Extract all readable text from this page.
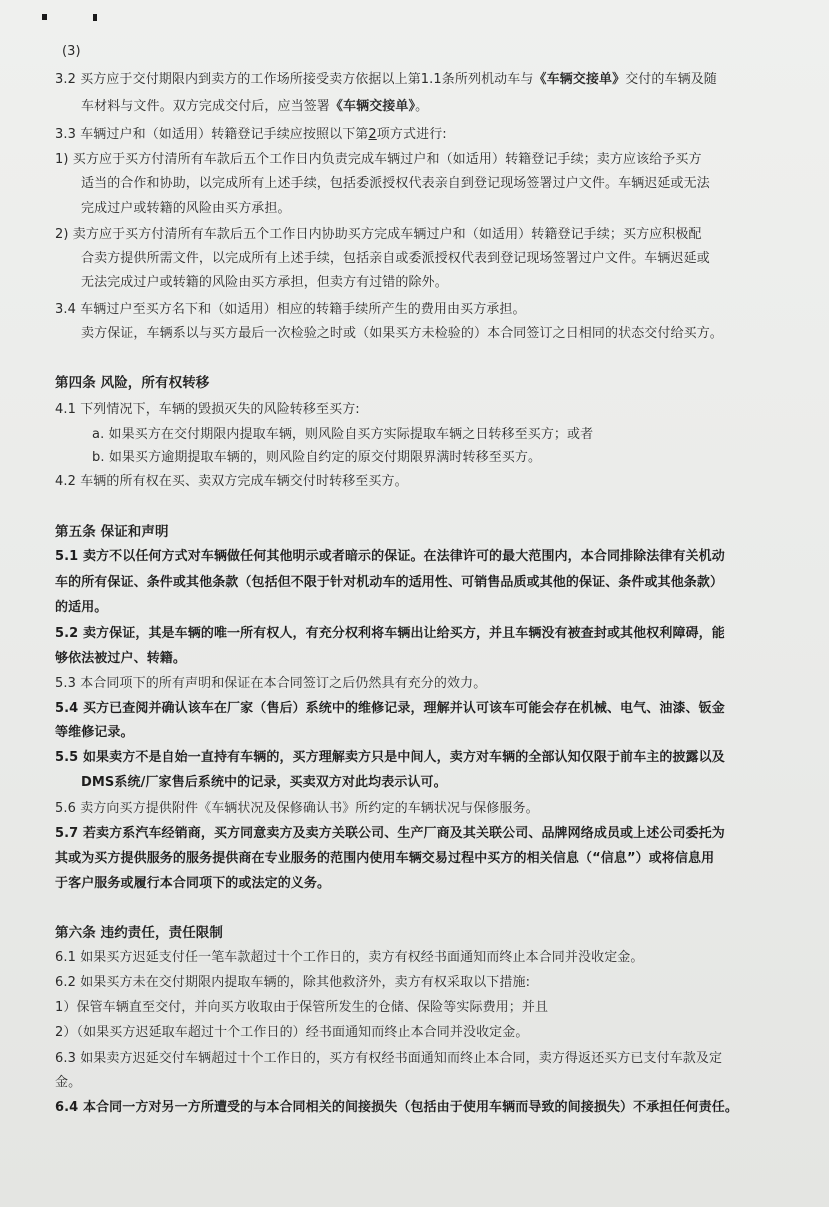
(3)
3.2 买方应于交付期限内到卖方的工作场所接受卖方依据以上第1.1条所列机动车与《车辆交接单》交付的车辆及随
车材料与文件。双方完成交付后，应当签署《车辆交接单》。
3.3 车辆过户和（如适用）转籍登记手续应按照以下第2项方式进行:
1) 买方应于买方付清所有车款后五个工作日内负责完成车辆过户和（如适用）转籍登记手续；卖方应该给予买方
适当的合作和协助，以完成所有上述手续，包括委派授权代表亲自到登记现场签署过户文件。车辆迟延或无法
完成过户或转籍的风险由买方承担。
2) 卖方应于买方付清所有车款后五个工作日内协助买方完成车辆过户和（如适用）转籍登记手续；买方应积极配
合卖方提供所需文件，以完成所有上述手续，包括亲自或委派授权代表到登记现场签署过户文件。车辆迟延或
无法完成过户或转籍的风险由买方承担，但卖方有过错的除外。
3.4 车辆过户至买方名下和（如适用）相应的转籍手续所产生的费用由买方承担。
卖方保证，车辆系以与买方最后一次检验之时或（如果买方未检验的）本合同签订之日相同的状态交付给买方。
第四条 风险，所有权转移
4.1 下列情况下，车辆的毁损灭失的风险转移至买方:
a. 如果买方在交付期限内提取车辆，则风险自买方实际提取车辆之日转移至买方；或者
b. 如果买方逾期提取车辆的，则风险自约定的原交付期限界满时转移至买方。
4.2 车辆的所有权在买、卖双方完成车辆交付时转移至买方。
第五条 保证和声明
5.1 卖方不以任何方式对车辆做任何其他明示或者暗示的保证。在法律许可的最大范围内，本合同排除法律有关机动
车的所有保证、条件或其他条款（包括但不限于针对机动车的适用性、可销售品质或其他的保证、条件或其他条款）
的适用。
5.2 卖方保证，其是车辆的唯一所有权人，有充分权利将车辆出让给买方，并且车辆没有被查封或其他权利障碍，能
够依法被过户、转籍。
5.3 本合同项下的所有声明和保证在本合同签订之后仍然具有充分的效力。
5.4 买方已查阅并确认该车在厂家（售后）系统中的维修记录，理解并认可该车可能会存在机械、电气、油漆、钣金
等维修记录。
5.5 如果卖方不是自始一直持有车辆的，买方理解卖方只是中间人，卖方对车辆的全部认知仅限于前车主的披露以及
DMS系统/厂家售后系统中的记录，买卖双方对此均表示认可。
5.6 卖方向买方提供附件《车辆状况及保修确认书》所约定的车辆状况与保修服务。
5.7 若卖方系汽车经销商，买方同意卖方及卖方关联公司、生产厂商及其关联公司、品牌网络成员或上述公司委托为
其或为买方提供服务的服务提供商在专业服务的范围内使用车辆交易过程中买方的相关信息（“信息”）或将信息用
于客户服务或履行本合同项下的或法定的义务。
第六条 违约责任，责任限制
6.1 如果买方迟延支付任一笔车款超过十个工作日的，卖方有权经书面通知而终止本合同并没收定金。
6.2 如果买方未在交付期限内提取车辆的，除其他救济外，卖方有权采取以下措施:
1）保管车辆直至交付，并向买方收取由于保管所发生的仓储、保险等实际费用；并且
2）（如果买方迟延取车超过十个工作日的）经书面通知而终止本合同并没收定金。
6.3 如果卖方迟延交付车辆超过十个工作日的，买方有权经书面通知而终止本合同，卖方得返还买方已支付车款及定
金。
6.4 本合同一方对另一方所遭受的与本合同相关的间接损失（包括由于使用车辆而导致的间接损失）不承担任何责任。
